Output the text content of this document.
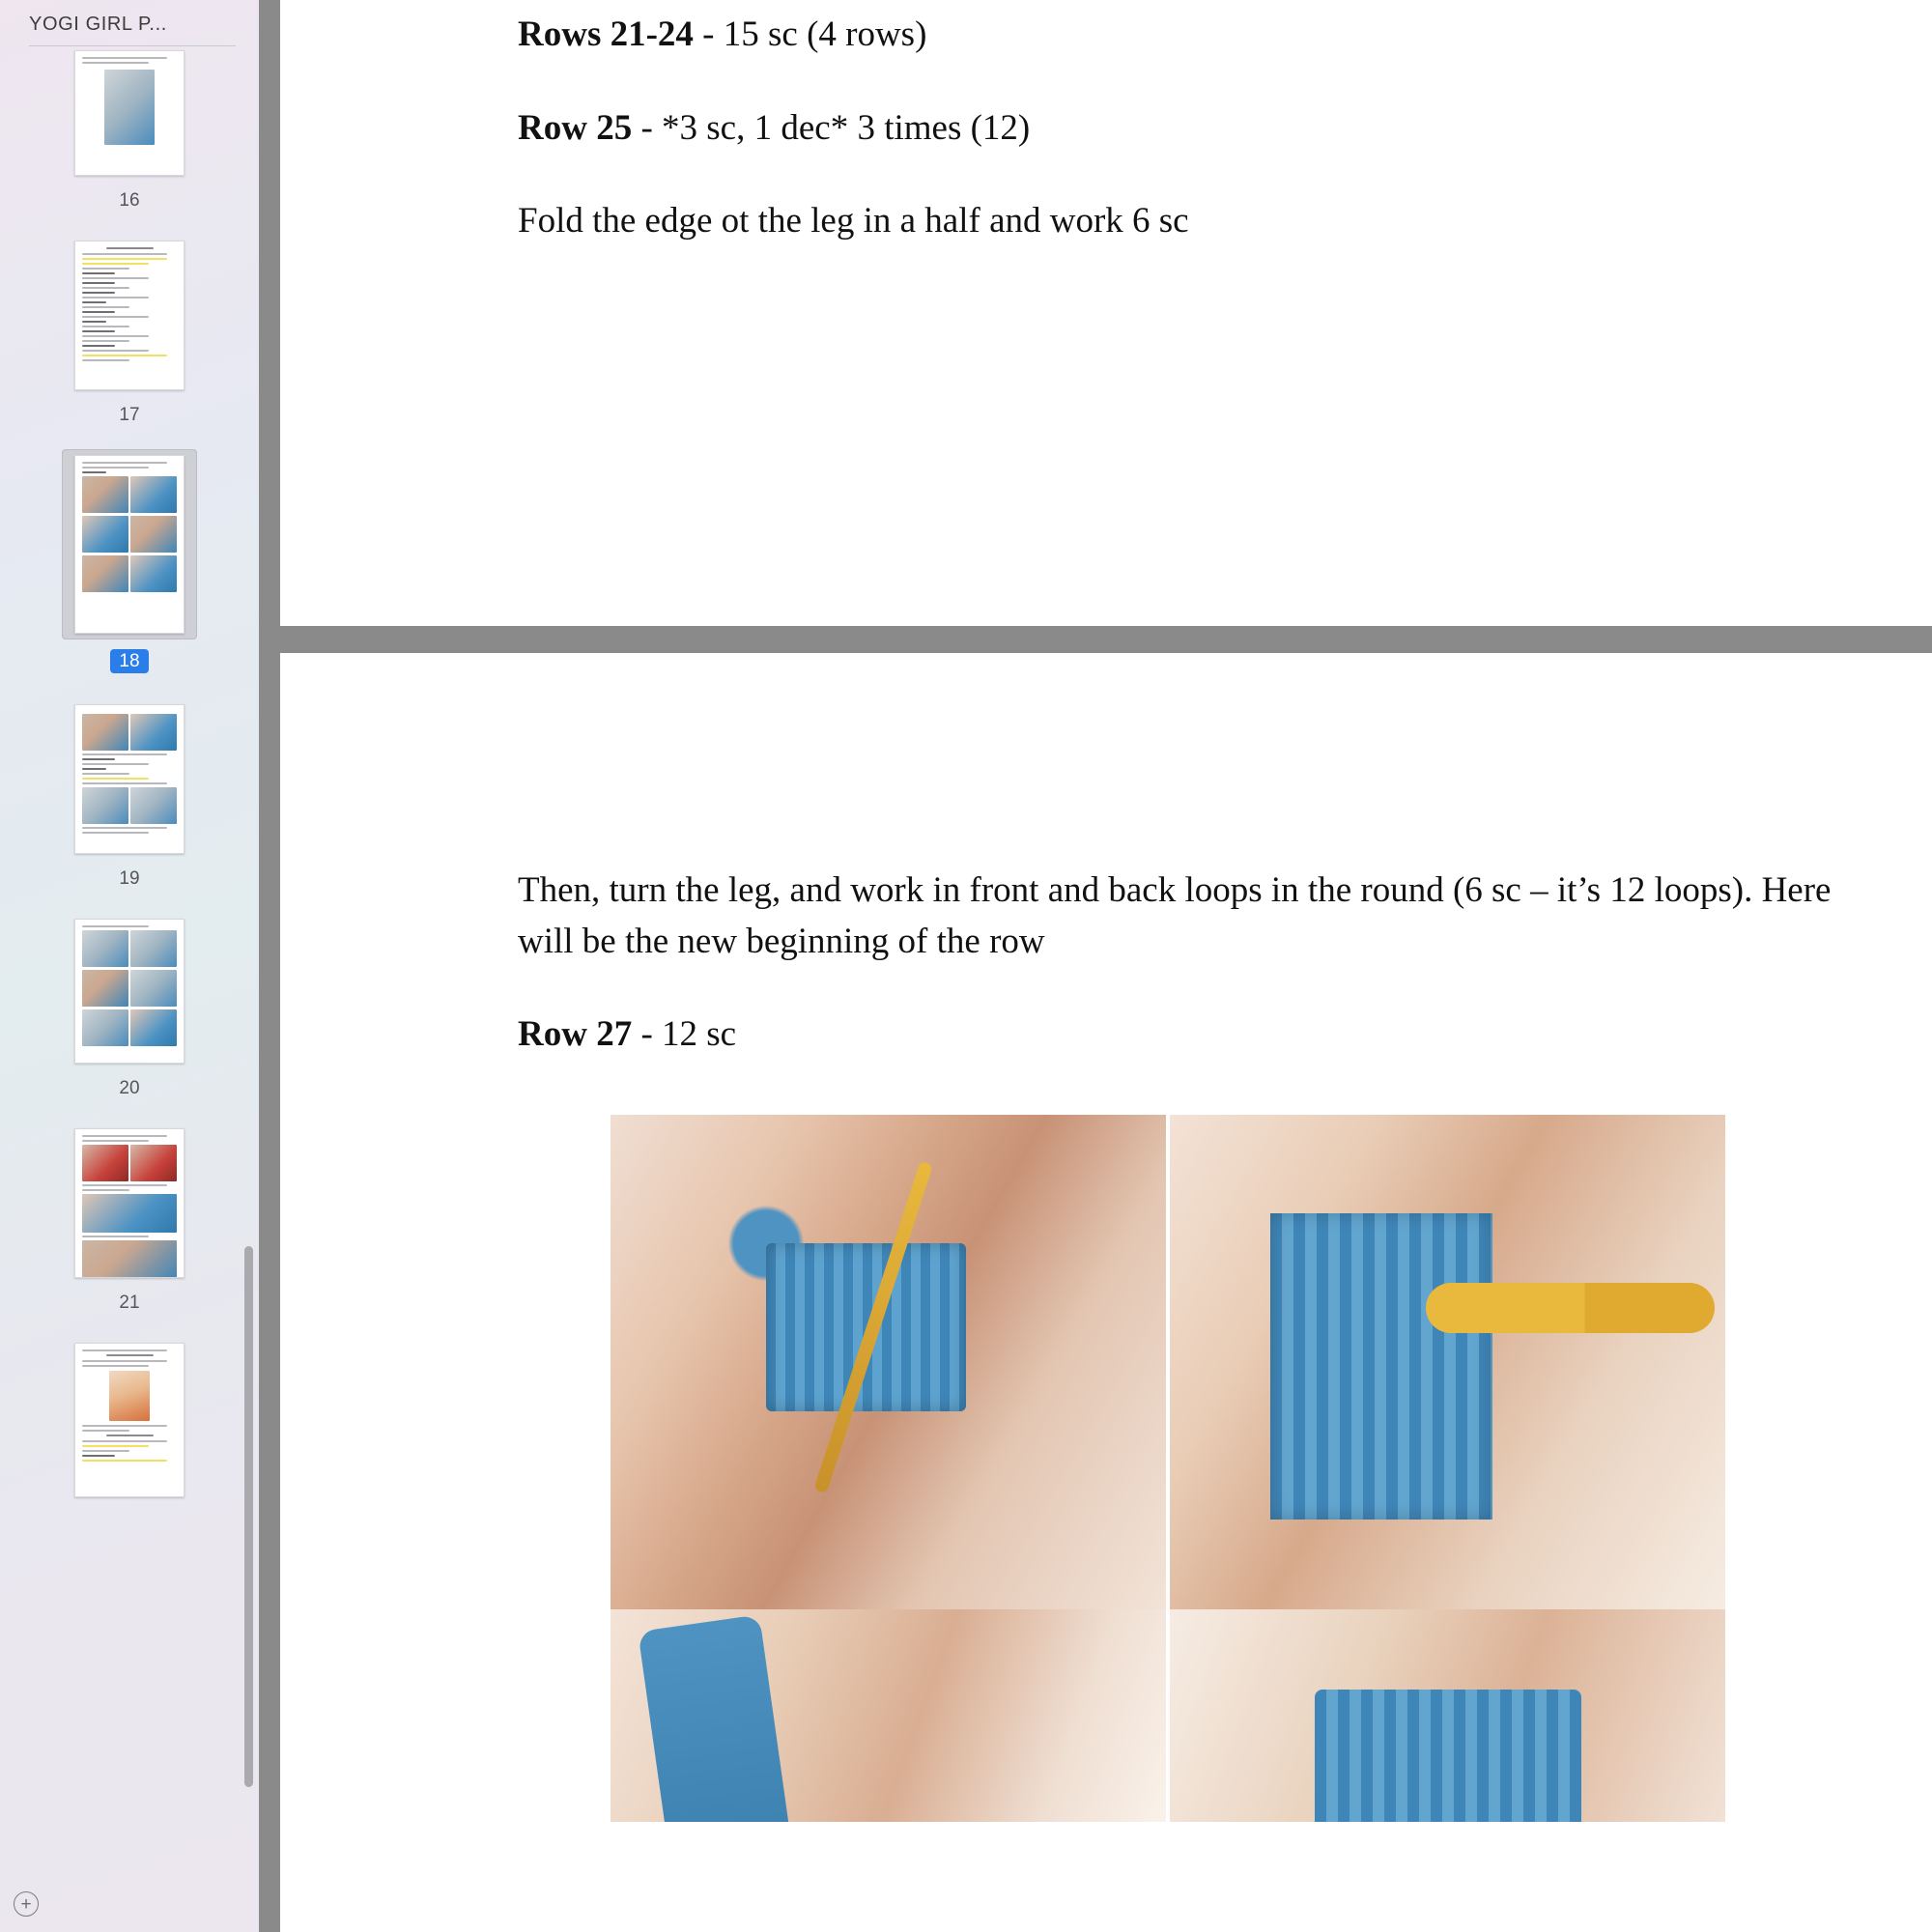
YOGI GIRL P...
16
17
18
19
20
21
+

Rows 21-24 - 15 sc (4 rows)

Row 25 - *3 sc, 1 dec* 3 times (12)

Fold the edge ot the leg in a half and work 6 sc

Then, turn the leg, and work in front and back loops in the round (6 sc – it’s 12 loops). Here will be the new beginning of the row

Row 27 - 12 sc
